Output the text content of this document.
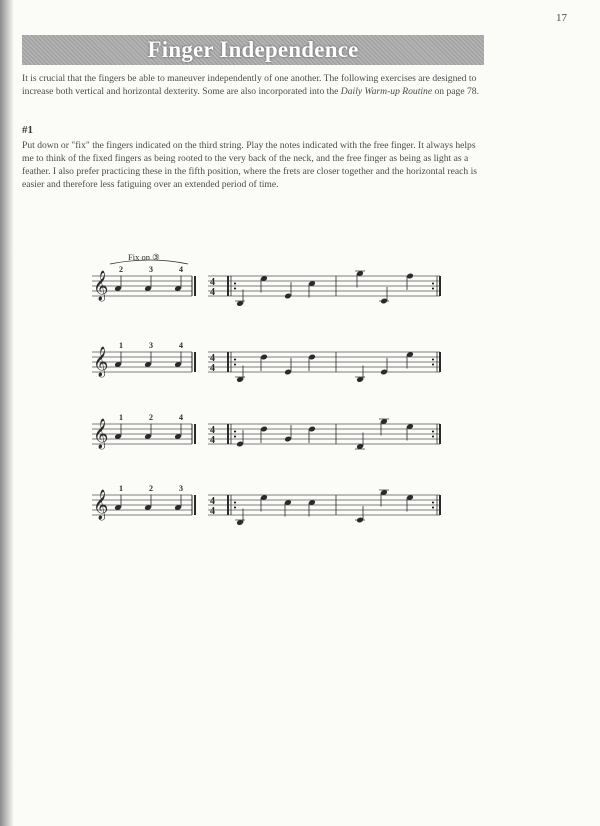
17
Finger Independence
It is crucial that the fingers be able to maneuver independently of one another. The following exercises are designed to increase both vertical and horizontal dexterity. Some are also incorporated into the Daily Warm-up Routine on page 78.
#1
Put down or "fix" the fingers indicated on the third string. Play the notes indicated with the free finger. It always helps me to think of the fixed fingers as being rooted to the very back of the neck, and the free finger as being as light as a feather. I also prefer practicing these in the fifth position, where the frets are closer together and the horizontal reach is easier and therefore less fatiguing over an extended period of time.
𝄞	4
4
2	3	4
𝄞	4
4
1	3	4
𝄞	4
4
1	2	4
𝄞	4
4
1	2	3
Fix on ③
